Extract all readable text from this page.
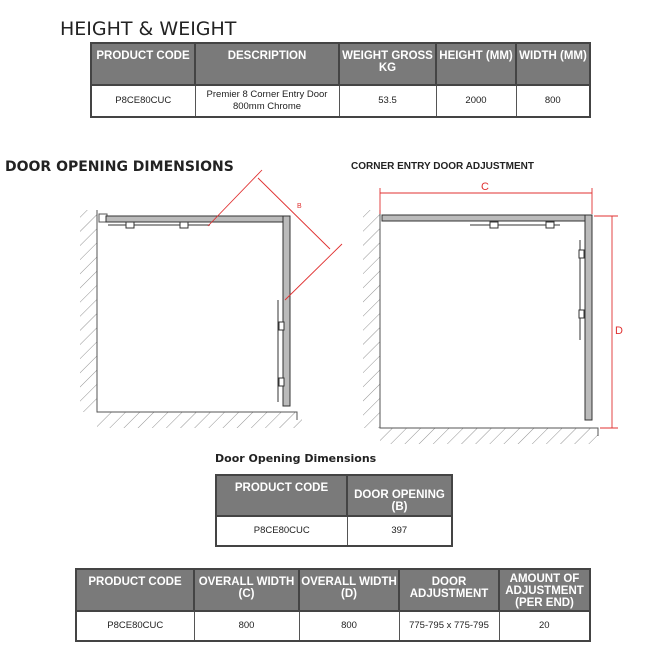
HEIGHT & WEIGHT
PRODUCT CODE	DESCRIPTION	WEIGHT GROSS KG	HEIGHT (MM)	WIDTH (MM)
P8CE80CUC	Premier 8 Corner Entry Door 800mm Chrome	53.5	2000	800
DOOR OPENING DIMENSIONS	CORNER ENTRY DOOR ADJUSTMENT
B
C
D
Door Opening Dimensions
PRODUCT CODE	DOOR OPENING (B)
P8CE80CUC	397
PRODUCT CODE	OVERALL WIDTH (C)	OVERALL WIDTH (D)	DOOR ADJUSTMENT	AMOUNT OF ADJUSTMENT (PER END)
P8CE80CUC	800	800	775-795 x 775-795	20
